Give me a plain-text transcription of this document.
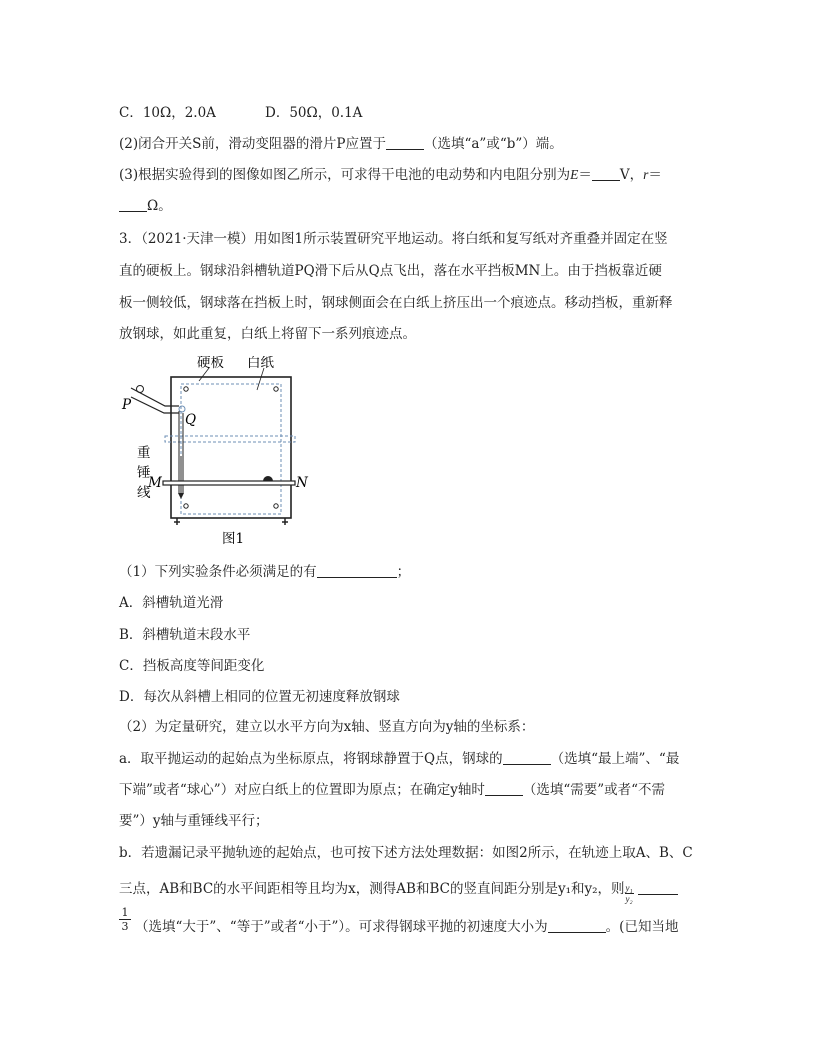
C．10Ω，2.0A	D．50Ω，0.1A
(2)闭合开关S前，滑动变阻器的滑片P应置于	（选填“a”或“b”）端。
(3)根据实验得到的图像如图乙所示，可求得干电池的电动势和内电阻分别为E＝ V，r＝
Ω。
3．（2021·天津一模）用如图1所示装置研究平地运动。将白纸和复写纸对齐重叠并固定在竖
直的硬板上。钢球沿斜槽轨道PQ滑下后从Q点飞出，落在水平挡板MN上。由于挡板靠近硬
板一侧较低，钢球落在挡板上时，钢球侧面会在白纸上挤压出一个痕迹点。移动挡板，重新释
放钢球，如此重复，白纸上将留下一系列痕迹点。
硬板 白纸
P
Q
重
锤
线
M	N
图1
（1）下列实验条件必须满足的有	；
A．斜槽轨道光滑
B．斜槽轨道末段水平
C．挡板高度等间距变化
D．每次从斜槽上相同的位置无初速度释放钢球
（2）为定量研究，建立以水平方向为x轴、竖直方向为y轴的坐标系：
a．取平抛运动的起始点为坐标原点，将钢球静置于Q点，钢球的	（选填“最上端”、“最
下端”或者“球心”）对应白纸上的位置即为原点；在确定y轴时	（选填“需要”或者“不需
要”）y轴与重锤线平行；
b．若遗漏记录平抛轨迹的起始点，也可按下述方法处理数据：如图2所示，在轨迹上取A、B、C
三点，AB和BC的水平间距相等且均为x，测得AB和BC的竖直间距分别是y₁和y₂，则 $\frac{\text{y₁}}{\text{y₂}}$
$\frac{1}{3}$ （选填“大于”、“等于”或者“小于”）。可求得钢球平抛的初速度大小为	。(已知当地
